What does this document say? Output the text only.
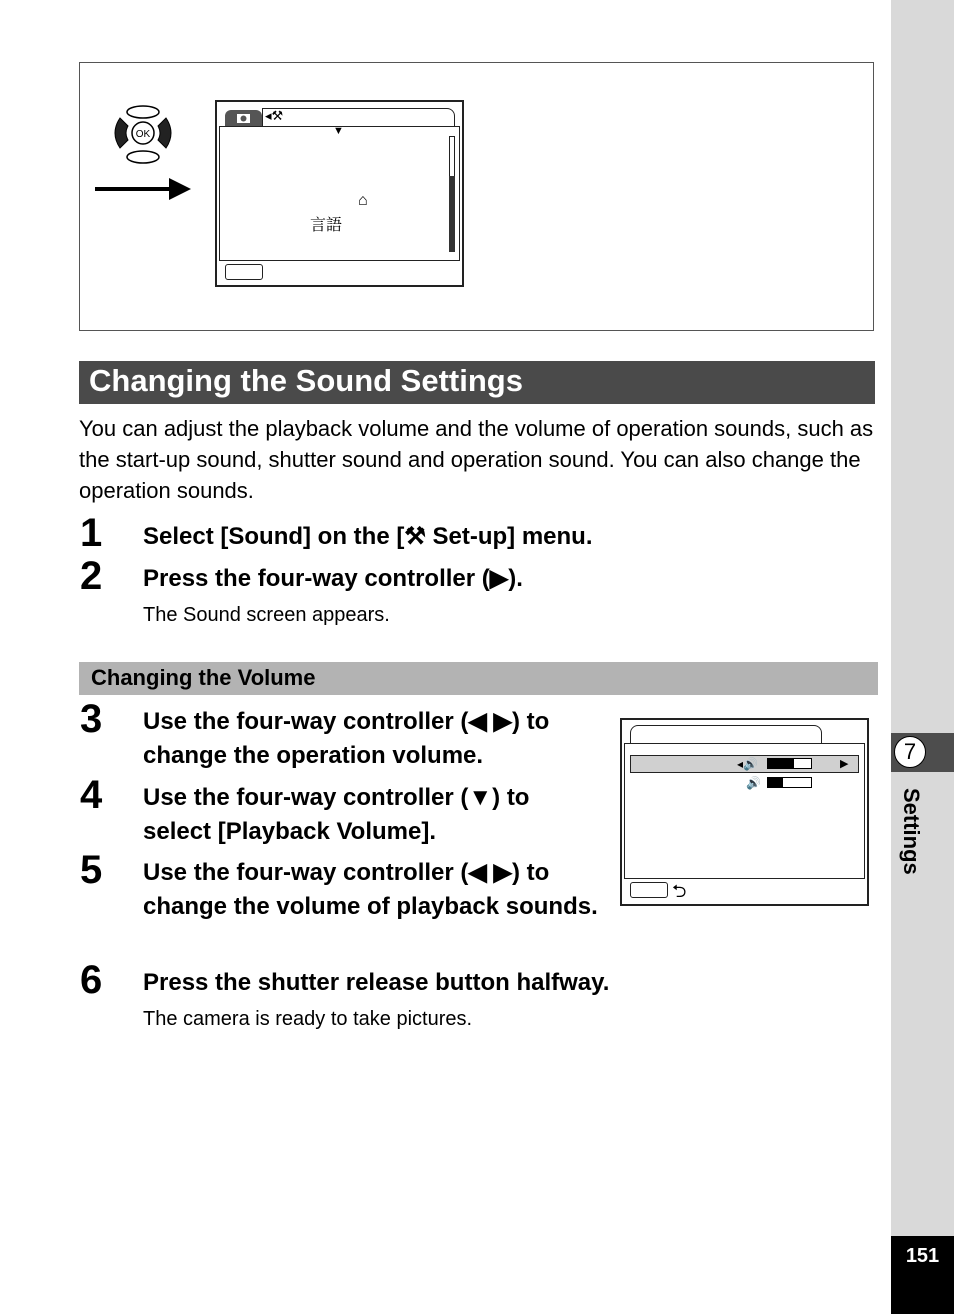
7
Settings
151
OK
◂⚒
▼
⌂
言語
Changing the Sound Settings
You can adjust the playback volume and the volume of operation sounds, such as the start-up sound, shutter sound and operation sound. You can also change the operation sounds.
1 Select [Sound] on the [⚒ Set-up] menu.
2 Press the four-way controller (▶).
The Sound screen appears.
Changing the Volume
3 Use the four-way controller (◀ ▶) to change the operation volume.
4 Use the four-way controller (▼) to select [Playback Volume].
5 Use the four-way controller (◀ ▶) to change the volume of playback sounds.
6 Press the shutter release button halfway.
The camera is ready to take pictures.
◂🔊	▶
🔊
⮌
